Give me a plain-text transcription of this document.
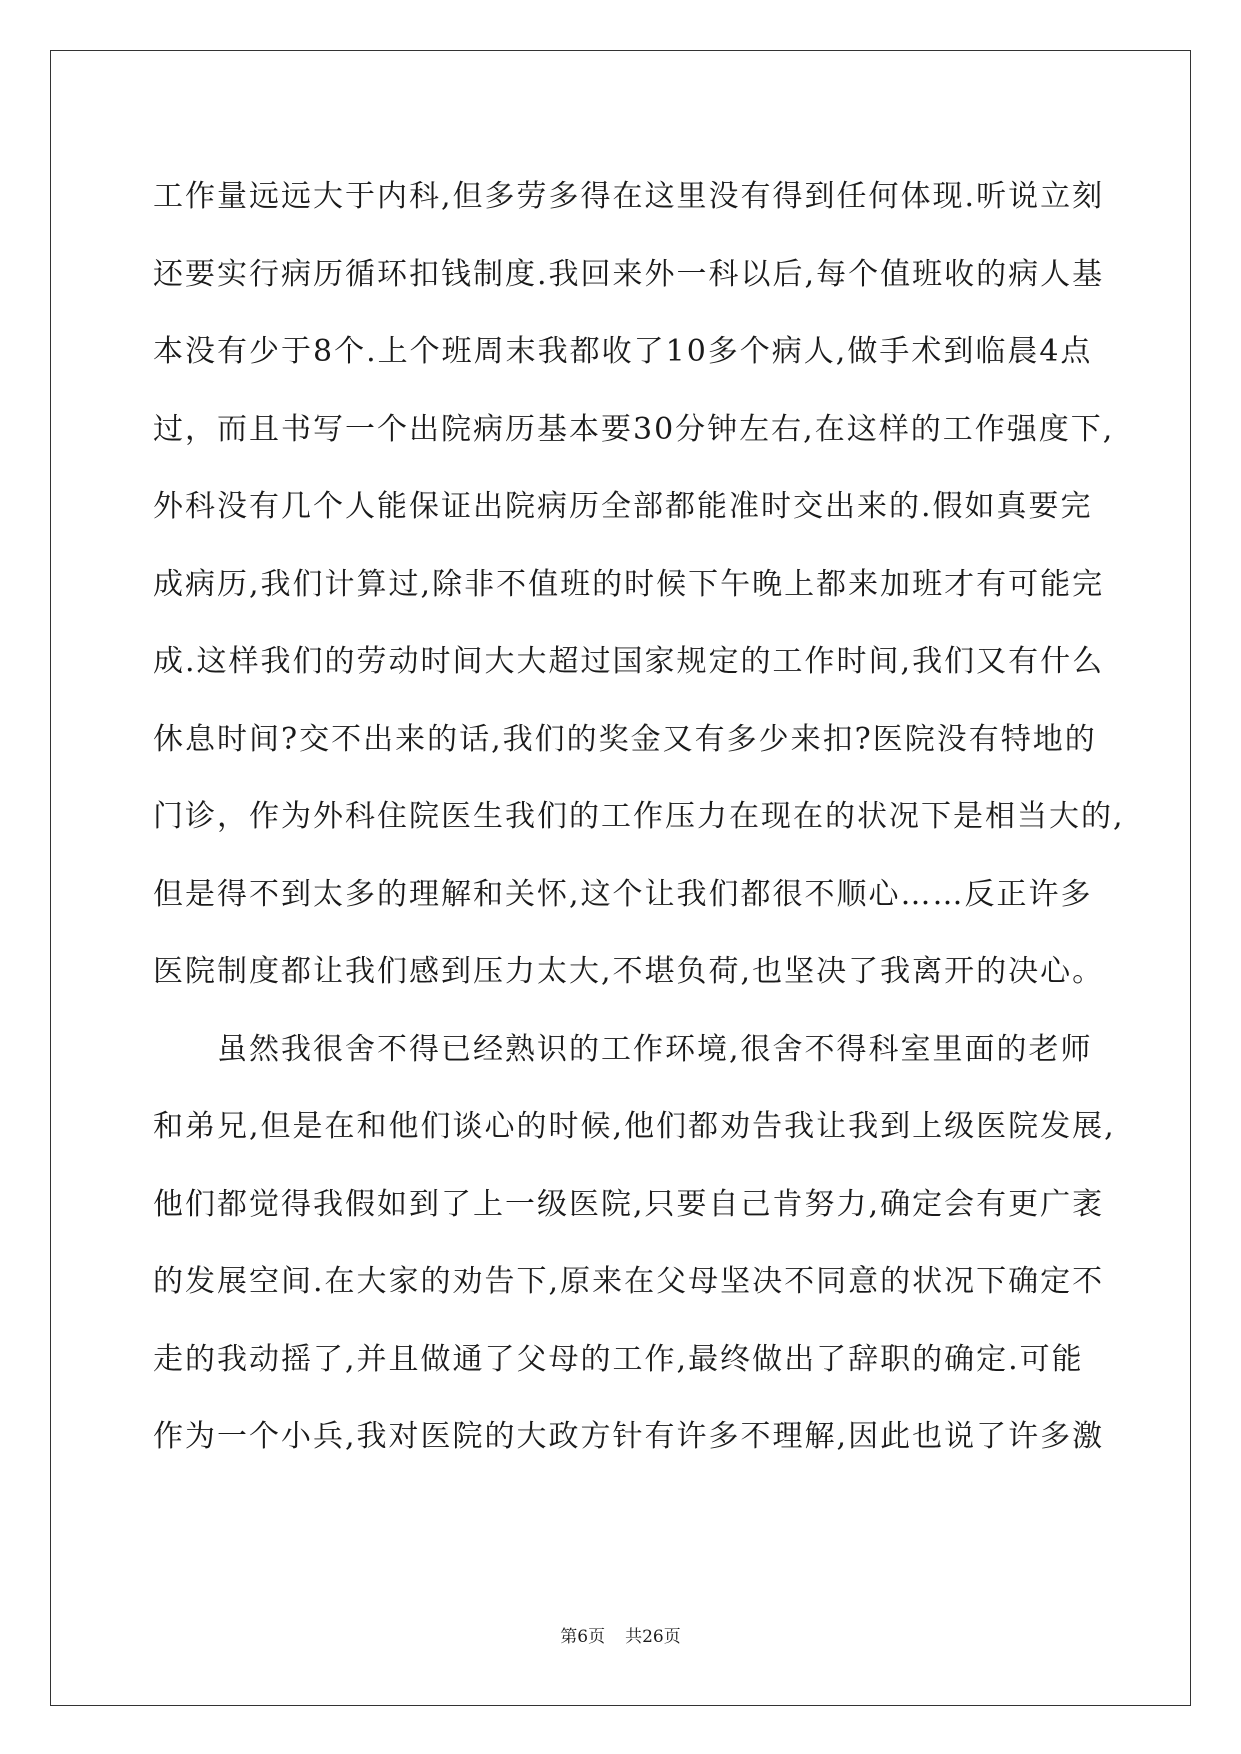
工作量远远大于内科,但多劳多得在这里没有得到任何体现.听说立刻
还要实行病历循环扣钱制度.我回来外一科以后,每个值班收的病人基
本没有少于8个.上个班周末我都收了10多个病人,做手术到临晨4点
过，而且书写一个出院病历基本要30分钟左右,在这样的工作强度下,
外科没有几个人能保证出院病历全部都能准时交出来的.假如真要完
成病历,我们计算过,除非不值班的时候下午晚上都来加班才有可能完
成.这样我们的劳动时间大大超过国家规定的工作时间,我们又有什么
休息时间?交不出来的话,我们的奖金又有多少来扣?医院没有特地的
门诊，作为外科住院医生我们的工作压力在现在的状况下是相当大的,
但是得不到太多的理解和关怀,这个让我们都很不顺心……反正许多
医院制度都让我们感到压力太大,不堪负荷,也坚决了我离开的决心。
虽然我很舍不得已经熟识的工作环境,很舍不得科室里面的老师
和弟兄,但是在和他们谈心的时候,他们都劝告我让我到上级医院发展,
他们都觉得我假如到了上一级医院,只要自己肯努力,确定会有更广袤
的发展空间.在大家的劝告下,原来在父母坚决不同意的状况下确定不
走的我动摇了,并且做通了父母的工作,最终做出了辞职的确定.可能
作为一个小兵,我对医院的大政方针有许多不理解,因此也说了许多激
第6页 共26页
